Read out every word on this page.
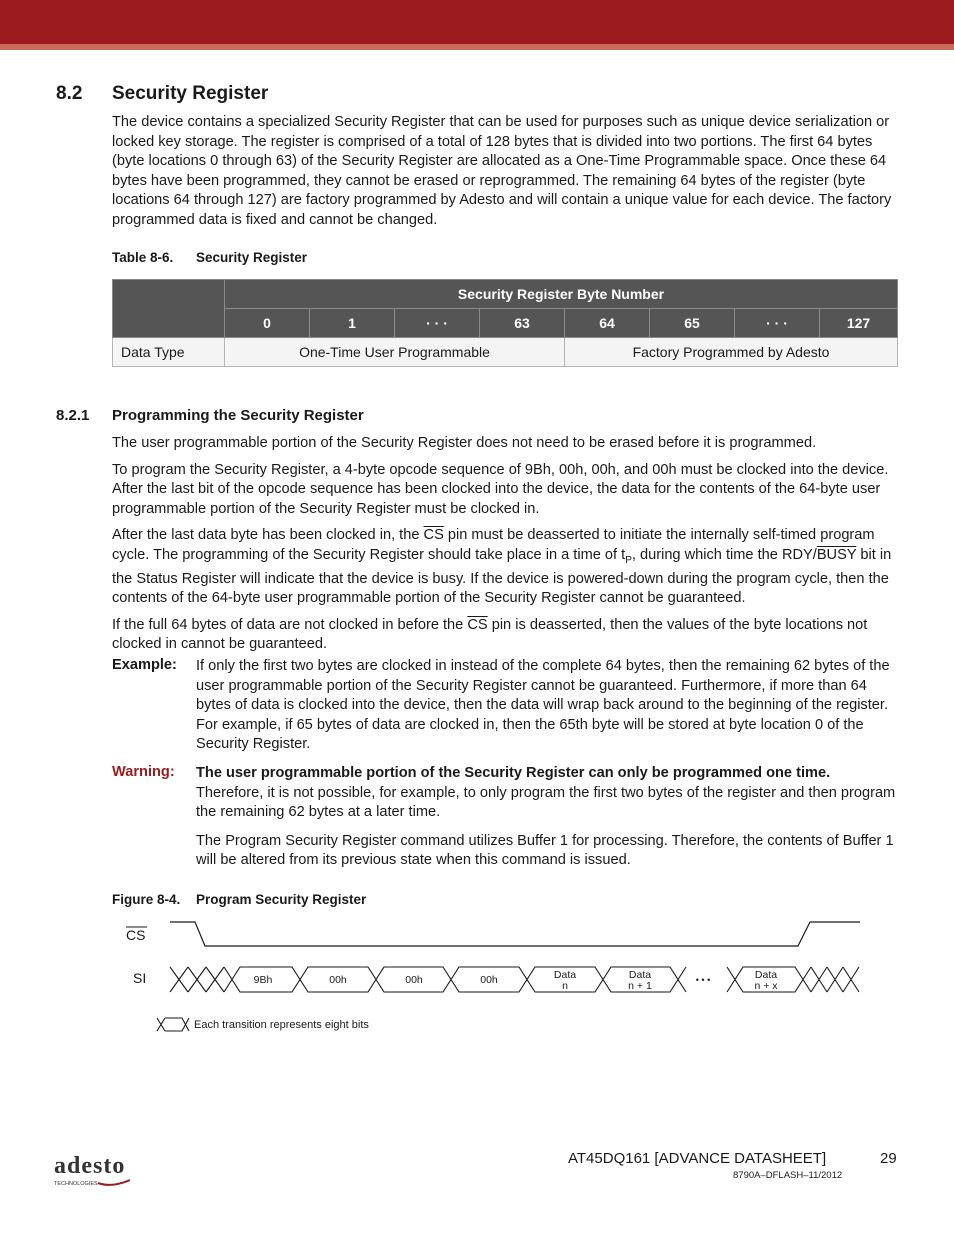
8.2 Security Register

The device contains a specialized Security Register that can be used for purposes such as unique device serialization or locked key storage. The register is comprised of a total of 128 bytes that is divided into two portions. The first 64 bytes (byte locations 0 through 63) of the Security Register are allocated as a One-Time Programmable space. Once these 64 bytes have been programmed, they cannot be erased or reprogrammed. The remaining 64 bytes of the register (byte locations 64 through 127) are factory programmed by Adesto and will contain a unique value for each device. The factory programmed data is fixed and cannot be changed.

Table 8-6. Security Register
	Security Register Byte Number							
	0	1	· · ·	63	64	65	· · ·	127
Data Type	One-Time User Programmable				Factory Programmed by Adesto			
8.2.1 Programming the Security Register

The user programmable portion of the Security Register does not need to be erased before it is programmed.

To program the Security Register, a 4-byte opcode sequence of 9Bh, 00h, 00h, and 00h must be clocked into the device. After the last bit of the opcode sequence has been clocked into the device, the data for the contents of the 64-byte user programmable portion of the Security Register must be clocked in.

After the last data byte has been clocked in, the $\overline{CS}$ pin must be deasserted to initiate the internally self-timed program cycle. The programming of the Security Register should take place in a time of $t_P$, during which time the RDY/BUSY bit in the Status Register will indicate that the device is busy. If the device is powered-down during the program cycle, then the contents of the 64-byte user programmable portion of the Security Register cannot be guaranteed.

If the full 64 bytes of data are not clocked in before the $\overline{CS}$ pin is deasserted, then the values of the byte locations not clocked in cannot be guaranteed.

Example: If only the first two bytes are clocked in instead of the complete 64 bytes, then the remaining 62 bytes of the user programmable portion of the Security Register cannot be guaranteed. Furthermore, if more than 64 bytes of data is clocked into the device, then the data will wrap back around to the beginning of the register. For example, if 65 bytes of data are clocked in, then the 65th byte will be stored at byte location 0 of the Security Register.

Warning: The user programmable portion of the Security Register can only be programmed one time. Therefore, it is not possible, for example, to only program the first two bytes of the register and then program the remaining 62 bytes at a later time.

The Program Security Register command utilizes Buffer 1 for processing. Therefore, the contents of Buffer 1 will be altered from its previous state when this command is issued.

Figure 8-4. Program Security Register
CS
SI	9Bh	00h	00h	00h	Data
n
Data
n + 1	• • •	Data
n + x
Each transition represents eight bits
adesto
TECHNOLOGIES
AT45DQ161 [ADVANCE DATASHEET]	29
8790A–DFLASH–11/2012
